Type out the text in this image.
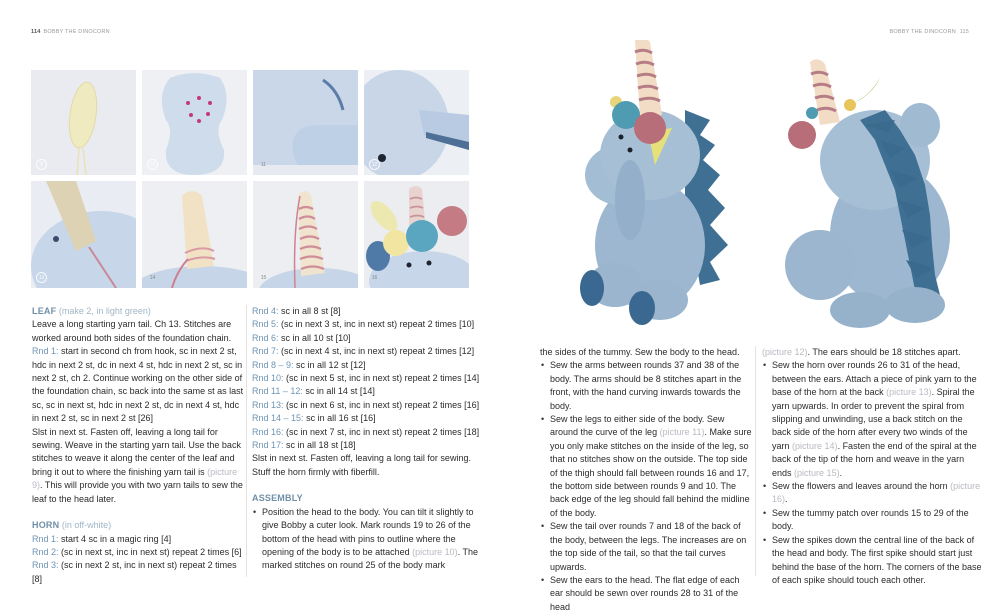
114 BOBBY THE DINOCORN
9	10	11	12
13	14	15	16

LEAF (make 2, in light green)

Leave a long starting yarn tail. Ch 13. Stitches are worked around both sides of the foundation chain.

Rnd 1: start in second ch from hook, sc in next 2 st, hdc in next 2 st, dc in next 4 st, hdc in next 2 st, sc in next 2 st, ch 2. Continue working on the other side of the foundation chain, sc back into the same st as last sc, sc in next st, hdc in next 2 st, dc in next 4 st, hdc in next 2 st, sc in next 2 st [26]

Slst in next st. Fasten off, leaving a long tail for sewing. Weave in the starting yarn tail. Use the back stitches to weave it along the center of the leaf and bring it out to where the finishing yarn tail is (picture 9). This will provide you with two yarn tails to sew the leaf to the head later.

HORN (in off-white)

Rnd 1: start 4 sc in a magic ring [4]

Rnd 2: (sc in next st, inc in next st) repeat 2 times [6]

Rnd 3: (sc in next 2 st, inc in next st) repeat 2 times [8]

Rnd 4: sc in all 8 st [8]

Rnd 5: (sc in next 3 st, inc in next st) repeat 2 times [10]

Rnd 6: sc in all 10 st [10]

Rnd 7: (sc in next 4 st, inc in next st) repeat 2 times [12]

Rnd 8 – 9: sc in all 12 st [12]

Rnd 10: (sc in next 5 st, inc in next st) repeat 2 times [14]

Rnd 11 – 12: sc in all 14 st [14]

Rnd 13: (sc in next 6 st, inc in next st) repeat 2 times [16]

Rnd 14 – 15: sc in all 16 st [16]

Rnd 16: (sc in next 7 st, inc in next st) repeat 2 times [18]

Rnd 17: sc in all 18 st [18]

Slst in next st. Fasten off, leaving a long tail for sewing. Stuff the horn firmly with fiberfill.

ASSEMBLY

• Position the head to the body. You can tilt it slightly to give Bobby a cuter look. Mark rounds 19 to 26 of the bottom of the head with pins to outline where the opening of the body is to be attached (picture 10). The marked stitches on round 25 of the body mark
BOBBY THE DINOCORN 115

the sides of the tummy. Sew the body to the head.

• Sew the arms between rounds 37 and 38 of the body. The arms should be 8 stitches apart in the front, with the hand curving inwards towards the body.
• Sew the legs to either side of the body. Sew around the curve of the leg (picture 11). Make sure you only make stitches on the inside of the leg, so that no stitches show on the outside. The top side of the thigh should fall between rounds 16 and 17, the bottom side between rounds 9 and 10. The back edge of the leg should fall behind the midline of the body.
• Sew the tail over rounds 7 and 18 of the back of the body, between the legs. The increases are on the top side of the tail, so that the tail curves upwards.
• Sew the ears to the head. The flat edge of each ear should be sewn over rounds 28 to 31 of the head

(picture 12). The ears should be 18 stitches apart.

• Sew the horn over rounds 26 to 31 of the head, between the ears. Attach a piece of pink yarn to the base of the horn at the back (picture 13). Spiral the yarn upwards. In order to prevent the spiral from slipping and unwinding, use a back stitch on the back side of the horn after every two winds of the yarn (picture 14). Fasten the end of the spiral at the back of the tip of the horn and weave in the yarn ends (picture 15).
• Sew the flowers and leaves around the horn (picture 16).
• Sew the tummy patch over rounds 15 to 29 of the body.
• Sew the spikes down the central line of the back of the head and body. The first spike should start just behind the base of the horn. The corners of the base of each spike should touch each other.
